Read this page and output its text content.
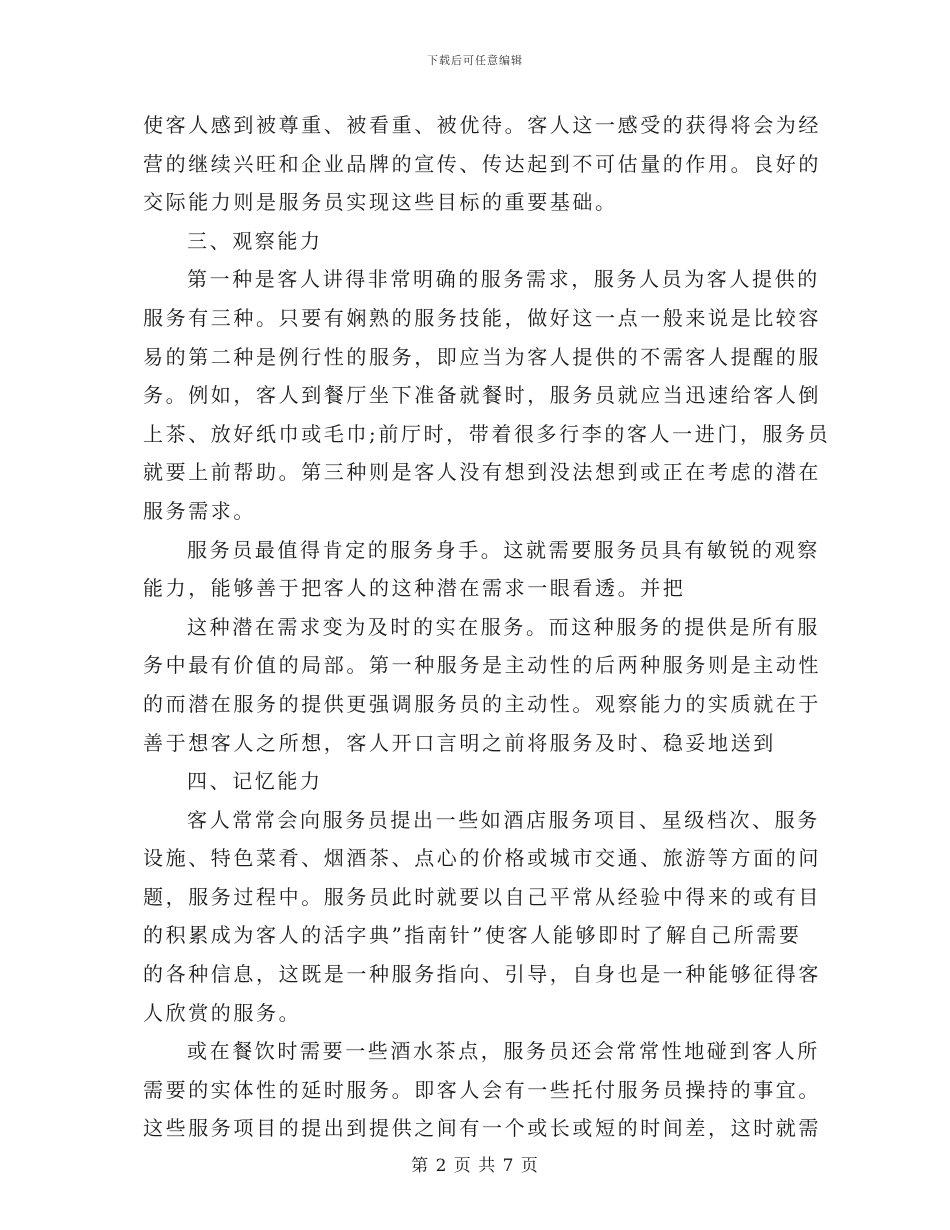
下载后可任意编辑
使客人感到被尊重、被看重、被优待。客人这一感受的获得将会为经
营的继续兴旺和企业品牌的宣传、传达起到不可估量的作用。良好的
交际能力则是服务员实现这些目标的重要基础。
三、观察能力
第一种是客人讲得非常明确的服务需求，服务人员为客人提供的
服务有三种。只要有娴熟的服务技能，做好这一点一般来说是比较容
易的第二种是例行性的服务，即应当为客人提供的不需客人提醒的服
务。例如，客人到餐厅坐下准备就餐时，服务员就应当迅速给客人倒
上茶、放好纸巾或毛巾;前厅时，带着很多行李的客人一进门，服务员
就要上前帮助。第三种则是客人没有想到没法想到或正在考虑的潜在
服务需求。
服务员最值得肯定的服务身手。这就需要服务员具有敏锐的观察
能力，能够善于把客人的这种潜在需求一眼看透。并把
这种潜在需求变为及时的实在服务。而这种服务的提供是所有服
务中最有价值的局部。第一种服务是主动性的后两种服务则是主动性
的而潜在服务的提供更强调服务员的主动性。观察能力的实质就在于
善于想客人之所想，客人开口言明之前将服务及时、稳妥地送到
四、记忆能力
客人常常会向服务员提出一些如酒店服务项目、星级档次、服务
设施、特色菜肴、烟酒茶、点心的价格或城市交通、旅游等方面的问
题，服务过程中。服务员此时就要以自己平常从经验中得来的或有目
的积累成为客人的活字典”指南针”使客人能够即时了解自己所需要
的各种信息，这既是一种服务指向、引导，自身也是一种能够征得客
人欣赏的服务。
或在餐饮时需要一些酒水茶点，服务员还会常常性地碰到客人所
需要的实体性的延时服务。即客人会有一些托付服务员操持的事宜。
这些服务项目的提出到提供之间有一个或长或短的时间差，这时就需
第 2 页 共 7 页
